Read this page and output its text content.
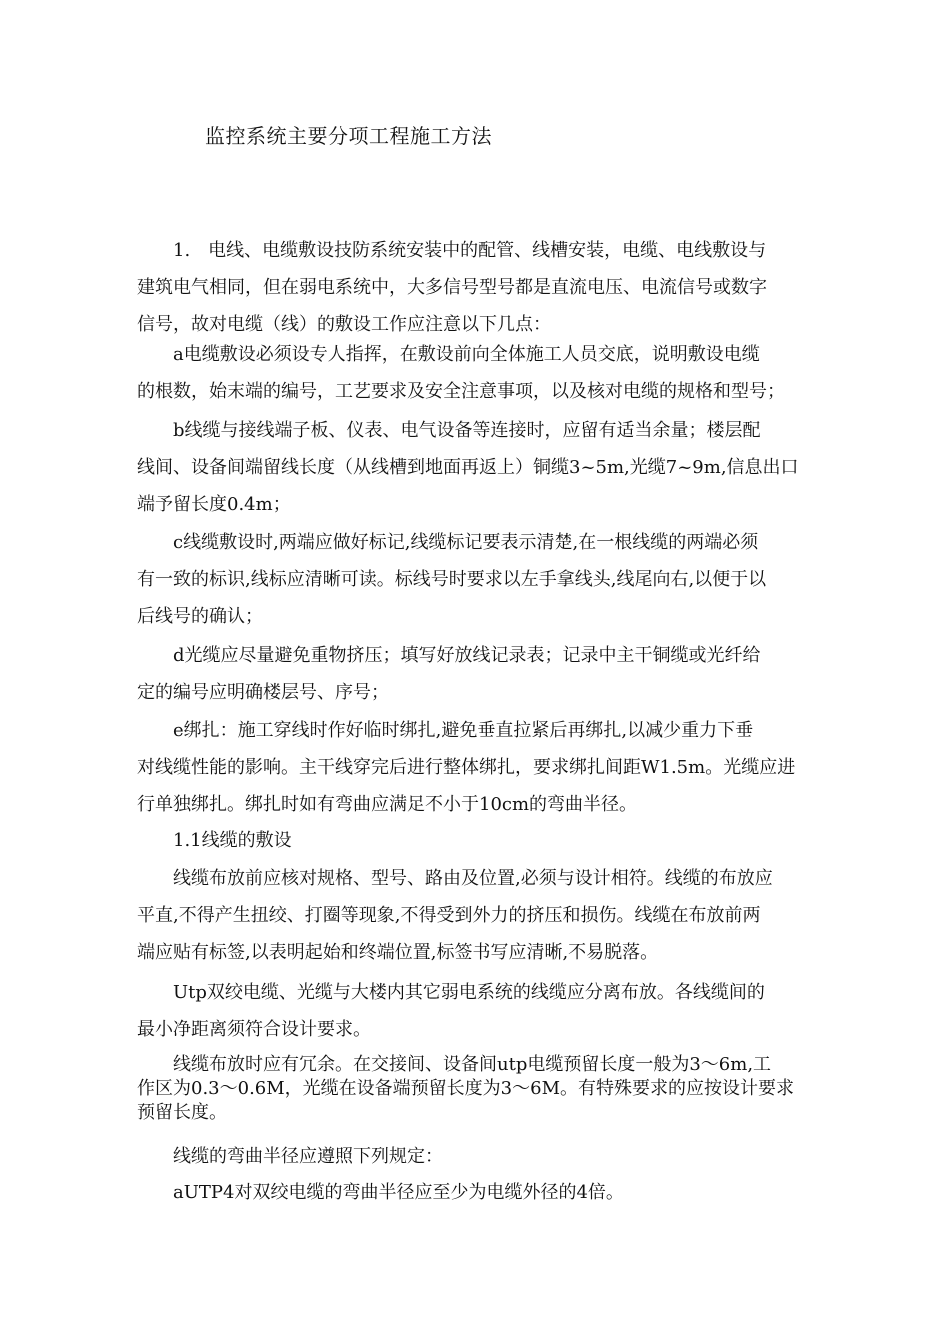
监控系统主要分项工程施工方法
1.　电线、电缆敷设技防系统安装中的配管、线槽安装，电缆、电线敷设与
建筑电气相同，但在弱电系统中，大多信号型号都是直流电压、电流信号或数字
信号，故对电缆（线）的敷设工作应注意以下几点：
a电缆敷设必须设专人指挥，在敷设前向全体施工人员交底，说明敷设电缆
的根数，始末端的编号，工艺要求及安全注意事项，以及核对电缆的规格和型号；
b线缆与接线端子板、仪表、电气设备等连接时，应留有适当余量；楼层配
线间、设备间端留线长度（从线槽到地面再返上）铜缆3~5m,光缆7~9m,信息出口
端予留长度0.4m；
c线缆敷设时,两端应做好标记,线缆标记要表示清楚,在一根线缆的两端必须
有一致的标识,线标应清晰可读。标线号时要求以左手拿线头,线尾向右,以便于以
后线号的确认；
d光缆应尽量避免重物挤压；填写好放线记录表；记录中主干铜缆或光纤给
定的编号应明确楼层号、序号；
e绑扎：施工穿线时作好临时绑扎,避免垂直拉紧后再绑扎,以减少重力下垂
对线缆性能的影响。主干线穿完后进行整体绑扎，要求绑扎间距W1.5m。光缆应进
行单独绑扎。绑扎时如有弯曲应满足不小于10cm的弯曲半径。
1.1线缆的敷设
线缆布放前应核对规格、型号、路由及位置,必须与设计相符。线缆的布放应
平直,不得产生扭绞、打圈等现象,不得受到外力的挤压和损伤。线缆在布放前两
端应贴有标签,以表明起始和终端位置,标签书写应清晰,不易脱落。
Utp双绞电缆、光缆与大楼内其它弱电系统的线缆应分离布放。各线缆间的
最小净距离须符合设计要求。
线缆布放时应有冗余。在交接间、设备间utp电缆预留长度一般为3〜6m,工
作区为0.3〜0.6M，光缆在设备端预留长度为3〜6M。有特殊要求的应按设计要求
预留长度。
线缆的弯曲半径应遵照下列规定：
aUTP4对双绞电缆的弯曲半径应至少为电缆外径的4倍。
